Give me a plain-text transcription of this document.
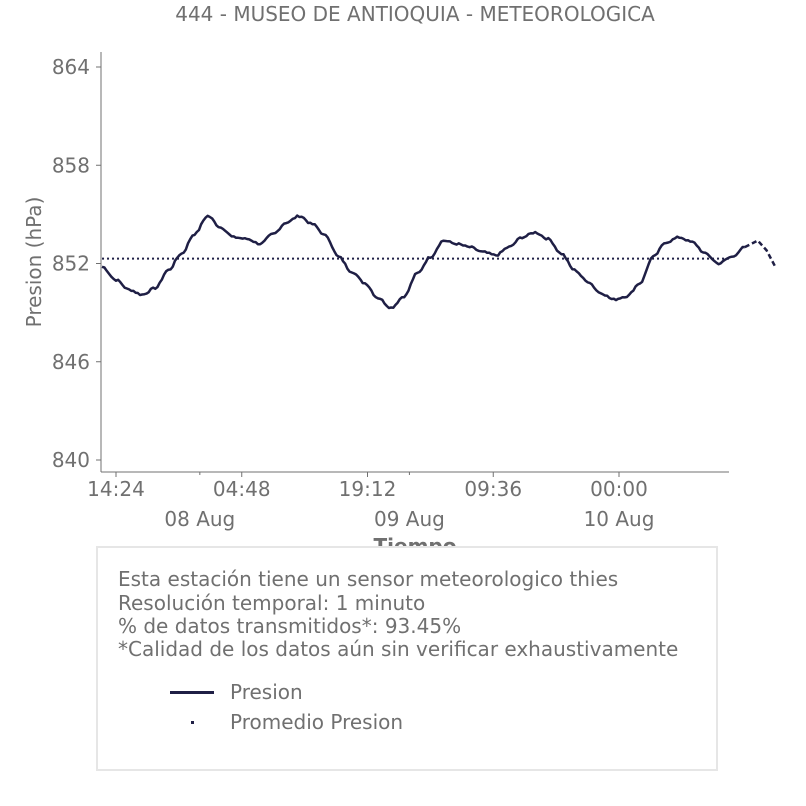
444 - MUSEO DE ANTIOQUIA - METEOROLOGICA
864
858
852
846
840
Presion (hPa)
14:24	04:48	19:12	09:36	00:00
08 Aug	09 Aug	10 Aug
Esta estación tiene un sensor meteorologico thies
Resolución temporal: 1 minuto
% de datos transmitidos*: 93.45%
*Calidad de los datos aún sin verificar exhaustivamente
Presion
Promedio Presion
